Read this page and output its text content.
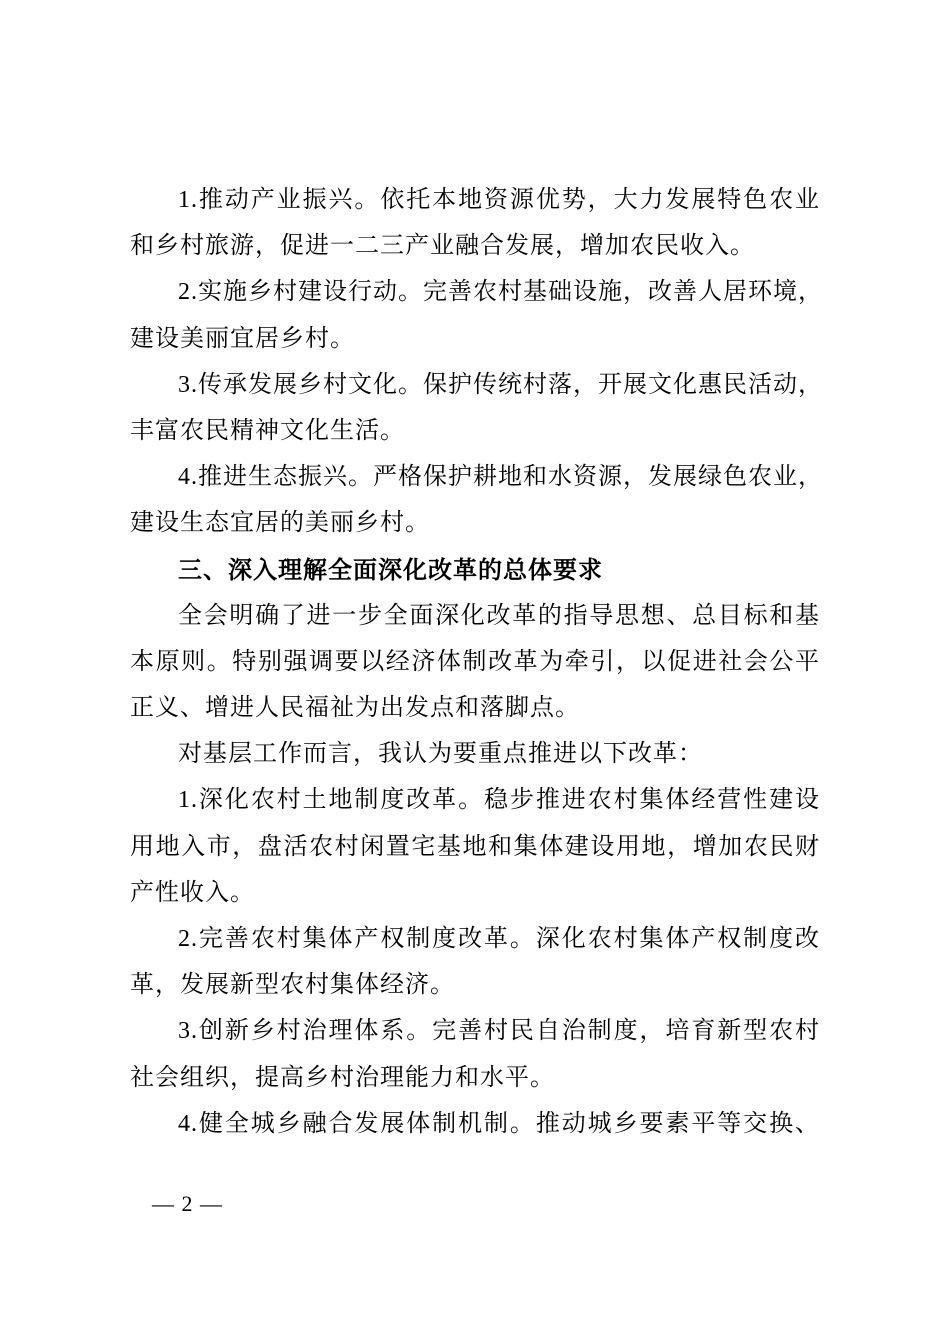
1.推动产业振兴。依托本地资源优势，大力发展特色农业
和乡村旅游，促进一二三产业融合发展，增加农民收入。
2.实施乡村建设行动。完善农村基础设施，改善人居环境，
建设美丽宜居乡村。
3.传承发展乡村文化。保护传统村落，开展文化惠民活动，
丰富农民精神文化生活。
4.推进生态振兴。严格保护耕地和水资源，发展绿色农业，
建设生态宜居的美丽乡村。
三、深入理解全面深化改革的总体要求
全会明确了进一步全面深化改革的指导思想、总目标和基
本原则。特别强调要以经济体制改革为牵引，以促进社会公平
正义、增进人民福祉为出发点和落脚点。
对基层工作而言，我认为要重点推进以下改革：
1.深化农村土地制度改革。稳步推进农村集体经营性建设
用地入市，盘活农村闲置宅基地和集体建设用地，增加农民财
产性收入。
2.完善农村集体产权制度改革。深化农村集体产权制度改
革，发展新型农村集体经济。
3.创新乡村治理体系。完善村民自治制度，培育新型农村
社会组织，提高乡村治理能力和水平。
4.健全城乡融合发展体制机制。推动城乡要素平等交换、
— 2 —
